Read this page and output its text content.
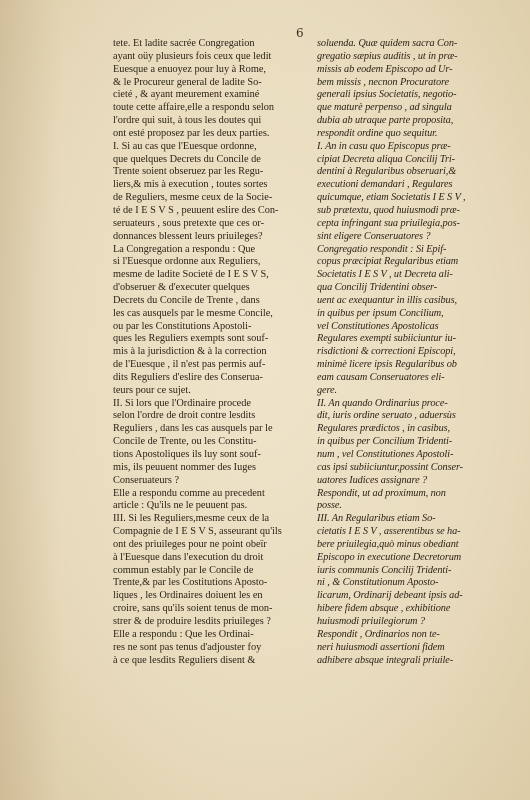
6
tete. Et ladite sacrée Congregation
ayant oüy plusieurs fois ceux que ledit
Euesque a enuoyez pour luy à Rome,
& le Procureur general de ladite So-
cieté , & ayant meurement examiné
toute cette affaire,elle a respondu selon
l'ordre qui suit, à tous les doutes qui
ont esté proposez par les deux parties.
I. Si au cas que l'Euesque ordonne,
que quelques Decrets du Concile de
Trente soient obseruez par les Regu-
liers,& mis à execution , toutes sortes
de Reguliers, mesme ceux de la Socie-
té de I E S V S , peuuent eslire des Con-
seruateurs , sous pretexte que ces or-
donnances blessent leurs priuileges?
La Congregation a respondu : Que
si l'Euesque ordonne aux Reguliers,
mesme de ladite Societé de I E S V S,
d'obseruer & d'executer quelques
Decrets du Concile de Trente , dans
les cas ausquels par le mesme Concile,
ou par les Constitutions Apostoli-
ques les Reguliers exempts sont souf-
mis à la jurisdiction & à la correction
de l'Euesque , il n'est pas permis auf-
dits Reguliers d'eslire des Conserua-
teurs pour ce sujet.
II. Si lors que l'Ordinaire procede
selon l'ordre de droit contre lesdits
Reguliers , dans les cas ausquels par le
Concile de Trente, ou les Constitu-
tions Apostoliques ils luy sont souf-
mis, ils peuuent nommer des Iuges
Conseruateurs ?
Elle a respondu comme au precedent
article : Qu'ils ne le peuuent pas.
III. Si les Reguliers,mesme ceux de la
Compagnie de I E S V S, asseurant qu'ils
ont des priuileges pour ne point obeïr
à l'Euesque dans l'execution du droit
commun estably par le Concile de
Trente,& par les Costitutions Aposto-
liques , les Ordinaires doiuent les en
croire, sans qu'ils soient tenus de mon-
strer & de produire lesdits priuileges ?
Elle a respondu : Que les Ordinai-
res ne sont pas tenus d'adjouster foy
à ce que lesdits Reguliers disent &
soluenda. Quæ quidem sacra Con-
gregatio sæpius auditis , ut in præ-
missis ab eodem Episcopo ad Ur-
bem missis , necnon Procuratore
generali ipsius Societatis, negotio-
que maturè perpenso , ad singula
dubia ab utraque parte proposita,
respondit ordine quo sequitur.
I. An in casu quo Episcopus præ-
cipiat Decreta aliqua Concilij Tri-
dentini à Regularibus obseruari,&
executioni demandari , Regulares
quicumque, etiam Societatis I E S V ,
sub prætextu, quod huiusmodi præ-
cepta infringant sua priuilegia,pos-
sint eligere Conseruatores ?
Congregatio respondit : Si Epif-
copus præcipiat Regularibus etiam
Societatis I E S V , ut Decreta ali-
qua Concilij Tridentini obser-
uent ac exequantur in illis casibus,
in quibus per ipsum Concilium,
vel Constitutiones Apostolicas
Regulares exempti subiiciuntur iu-
risdictioni & correctioni Episcopi,
minimè licere ipsis Regularibus ob
eam causam Conseruatores eli-
gere.
II. An quando Ordinarius proce-
dit, iuris ordine seruato , aduersùs
Regulares prædictos , in casibus,
in quibus per Concilium Tridenti-
num , vel Constitutiones Apostoli-
cas ipsi subiiciuntur,possint Conser-
uatores Iudices assignare ?
Respondit, ut ad proximum, non
posse.
III. An Regularibus etiam So-
cietatis I E S V , asserentibus se ha-
bere priuilegia,quò minus obediant
Episcopo in executione Decretorum
iuris communis Concilij Tridenti-
ni , & Constitutionum Aposto-
licarum, Ordinarij debeant ipsis ad-
hibere fidem absque , exhibitione
huiusmodi priuilegiorum ?
Respondit , Ordinarios non te-
neri huiusmodi assertioni fidem
adhibere absque integrali priuile-
